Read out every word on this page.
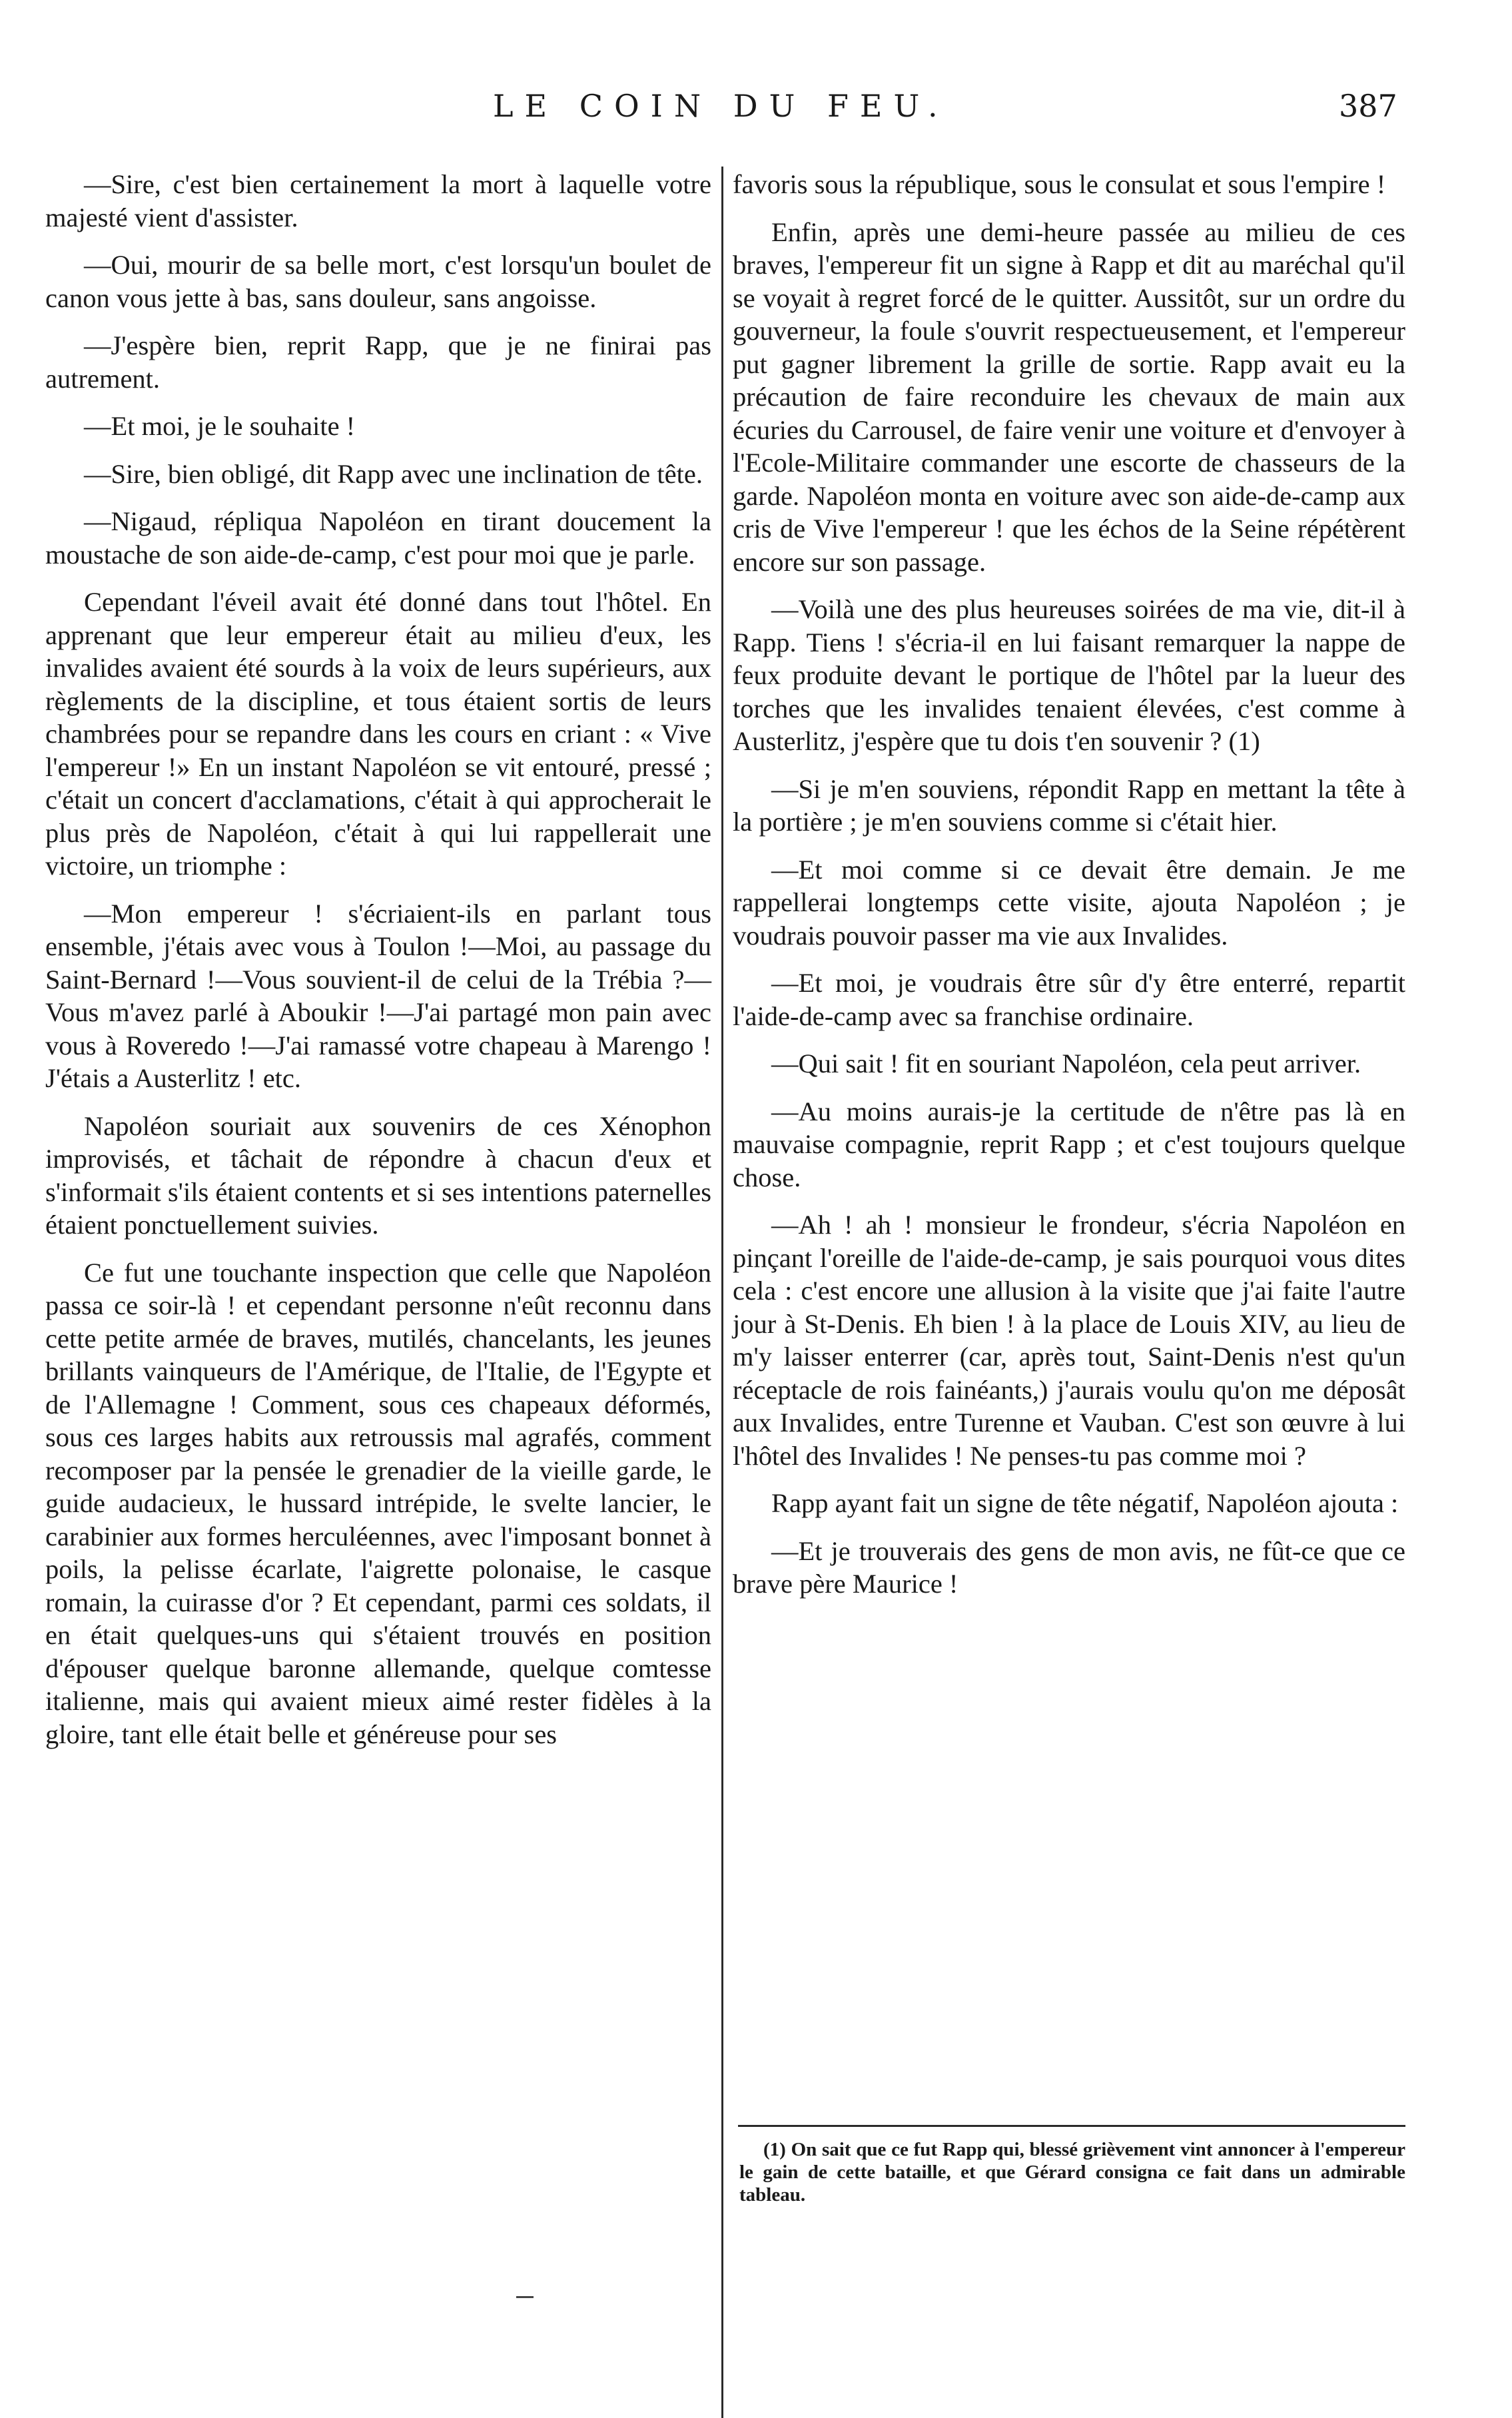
LE COIN DU FEU.	387

—Sire, c'est bien certainement la mort à laquelle votre majesté vient d'assister.

—Oui, mourir de sa belle mort, c'est lorsqu'un boulet de canon vous jette à bas, sans douleur, sans angoisse.

—J'espère bien, reprit Rapp, que je ne finirai pas autrement.

—Et moi, je le souhaite !

—Sire, bien obligé, dit Rapp avec une inclination de tête.

—Nigaud, répliqua Napoléon en tirant doucement la moustache de son aide-de-camp, c'est pour moi que je parle.

Cependant l'éveil avait été donné dans tout l'hôtel. En apprenant que leur empereur était au milieu d'eux, les invalides avaient été sourds à la voix de leurs supérieurs, aux règlements de la discipline, et tous étaient sortis de leurs chambrées pour se repandre dans les cours en criant : « Vive l'empereur !» En un instant Napoléon se vit entouré, pressé ; c'était un concert d'acclamations, c'était à qui approcherait le plus près de Napoléon, c'était à qui lui rappellerait une victoire, un triomphe :

—Mon empereur ! s'écriaient-ils en parlant tous ensemble, j'étais avec vous à Toulon !—Moi, au passage du Saint-Bernard !—Vous souvient-il de celui de la Trébia ?—Vous m'avez parlé à Aboukir !—J'ai partagé mon pain avec vous à Roveredo !—J'ai ramassé votre chapeau à Marengo ! J'étais a Austerlitz ! etc.

Napoléon souriait aux souvenirs de ces Xénophon improvisés, et tâchait de répondre à chacun d'eux et s'informait s'ils étaient contents et si ses intentions paternelles étaient ponctuellement suivies.

Ce fut une touchante inspection que celle que Napoléon passa ce soir-là ! et cependant personne n'eût reconnu dans cette petite armée de braves, mutilés, chancelants, les jeunes brillants vainqueurs de l'Amérique, de l'Italie, de l'Egypte et de l'Allemagne ! Comment, sous ces chapeaux déformés, sous ces larges habits aux retroussis mal agrafés, comment recomposer par la pensée le grenadier de la vieille garde, le guide audacieux, le hussard intrépide, le svelte lancier, le carabinier aux formes herculéennes, avec l'imposant bonnet à poils, la pelisse écarlate, l'aigrette polonaise, le casque romain, la cuirasse d'or ? Et cependant, parmi ces soldats, il en était quelques-uns qui s'étaient trouvés en position d'épouser quelque baronne allemande, quelque comtesse italienne, mais qui avaient mieux aimé rester fidèles à la gloire, tant elle était belle et généreuse pour ses

favoris sous la république, sous le consulat et sous l'empire !

Enfin, après une demi-heure passée au milieu de ces braves, l'empereur fit un signe à Rapp et dit au maréchal qu'il se voyait à regret forcé de le quitter. Aussitôt, sur un ordre du gouverneur, la foule s'ouvrit respectueusement, et l'empereur put gagner librement la grille de sortie. Rapp avait eu la précaution de faire reconduire les chevaux de main aux écuries du Carrousel, de faire venir une voiture et d'envoyer à l'Ecole-Militaire commander une escorte de chasseurs de la garde. Napoléon monta en voiture avec son aide-de-camp aux cris de Vive l'empereur ! que les échos de la Seine répétèrent encore sur son passage.

—Voilà une des plus heureuses soirées de ma vie, dit-il à Rapp. Tiens ! s'écria-il en lui faisant remarquer la nappe de feux produite devant le portique de l'hôtel par la lueur des torches que les invalides tenaient élevées, c'est comme à Austerlitz, j'espère que tu dois t'en souvenir ? (1)

—Si je m'en souviens, répondit Rapp en mettant la tête à la portière ; je m'en souviens comme si c'était hier.

—Et moi comme si ce devait être demain. Je me rappellerai longtemps cette visite, ajouta Napoléon ; je voudrais pouvoir passer ma vie aux Invalides.

—Et moi, je voudrais être sûr d'y être enterré, repartit l'aide-de-camp avec sa franchise ordinaire.

—Qui sait ! fit en souriant Napoléon, cela peut arriver.

—Au moins aurais-je la certitude de n'être pas là en mauvaise compagnie, reprit Rapp ; et c'est toujours quelque chose.

—Ah ! ah ! monsieur le frondeur, s'écria Napoléon en pinçant l'oreille de l'aide-de-camp, je sais pourquoi vous dites cela : c'est encore une allusion à la visite que j'ai faite l'autre jour à St-Denis. Eh bien ! à la place de Louis XIV, au lieu de m'y laisser enterrer (car, après tout, Saint-Denis n'est qu'un réceptacle de rois fainéants,) j'aurais voulu qu'on me déposât aux Invalides, entre Turenne et Vauban. C'est son œuvre à lui l'hôtel des Invalides ! Ne penses-tu pas comme moi ?

Rapp ayant fait un signe de tête négatif, Napoléon ajouta :

—Et je trouverais des gens de mon avis, ne fût-ce que ce brave père Maurice !

(1) On sait que ce fut Rapp qui, blessé grièvement vint annoncer à l'empereur le gain de cette bataille, et que Gérard consigna ce fait dans un admirable tableau.
